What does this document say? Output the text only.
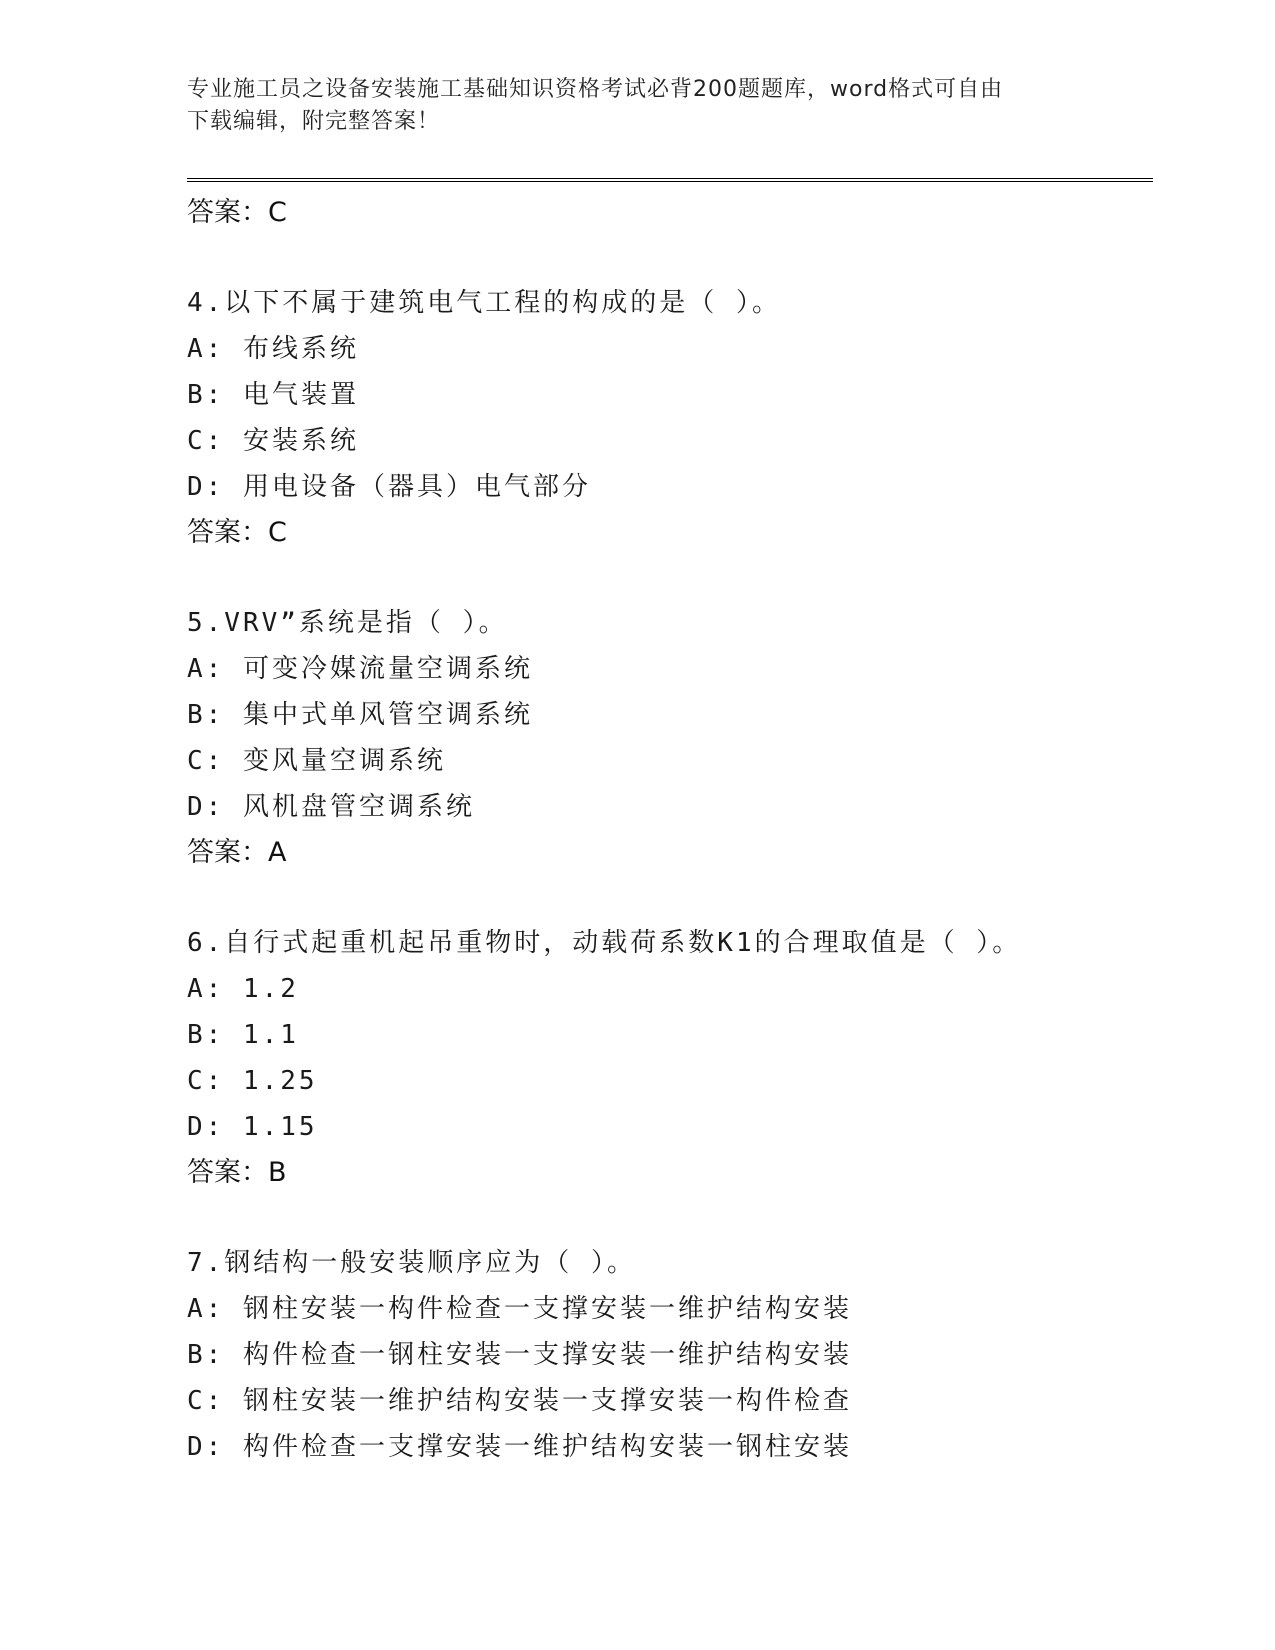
专业施工员之设备安装施工基础知识资格考试必背200题题库，word格式可自由
下载编辑，附完整答案！
答案：C
4.以下不属于建筑电气工程的构成的是（ ）。
A: 布线系统
B: 电气装置
C: 安装系统
D: 用电设备（器具）电气部分
答案：C
5.VRV”系统是指（ ）。
A: 可变冷媒流量空调系统
B: 集中式单风管空调系统
C: 变风量空调系统
D: 风机盘管空调系统
答案：A
6.自行式起重机起吊重物时，动载荷系数K1的合理取值是（ ）。
A: 1.2
B: 1.1
C: 1.25
D: 1.15
答案：B
7.钢结构一般安装顺序应为（ ）。
A: 钢柱安装一构件检查一支撑安装一维护结构安装
B: 构件检查一钢柱安装一支撑安装一维护结构安装
C: 钢柱安装一维护结构安装一支撑安装一构件检查
D: 构件检查一支撑安装一维护结构安装一钢柱安装
